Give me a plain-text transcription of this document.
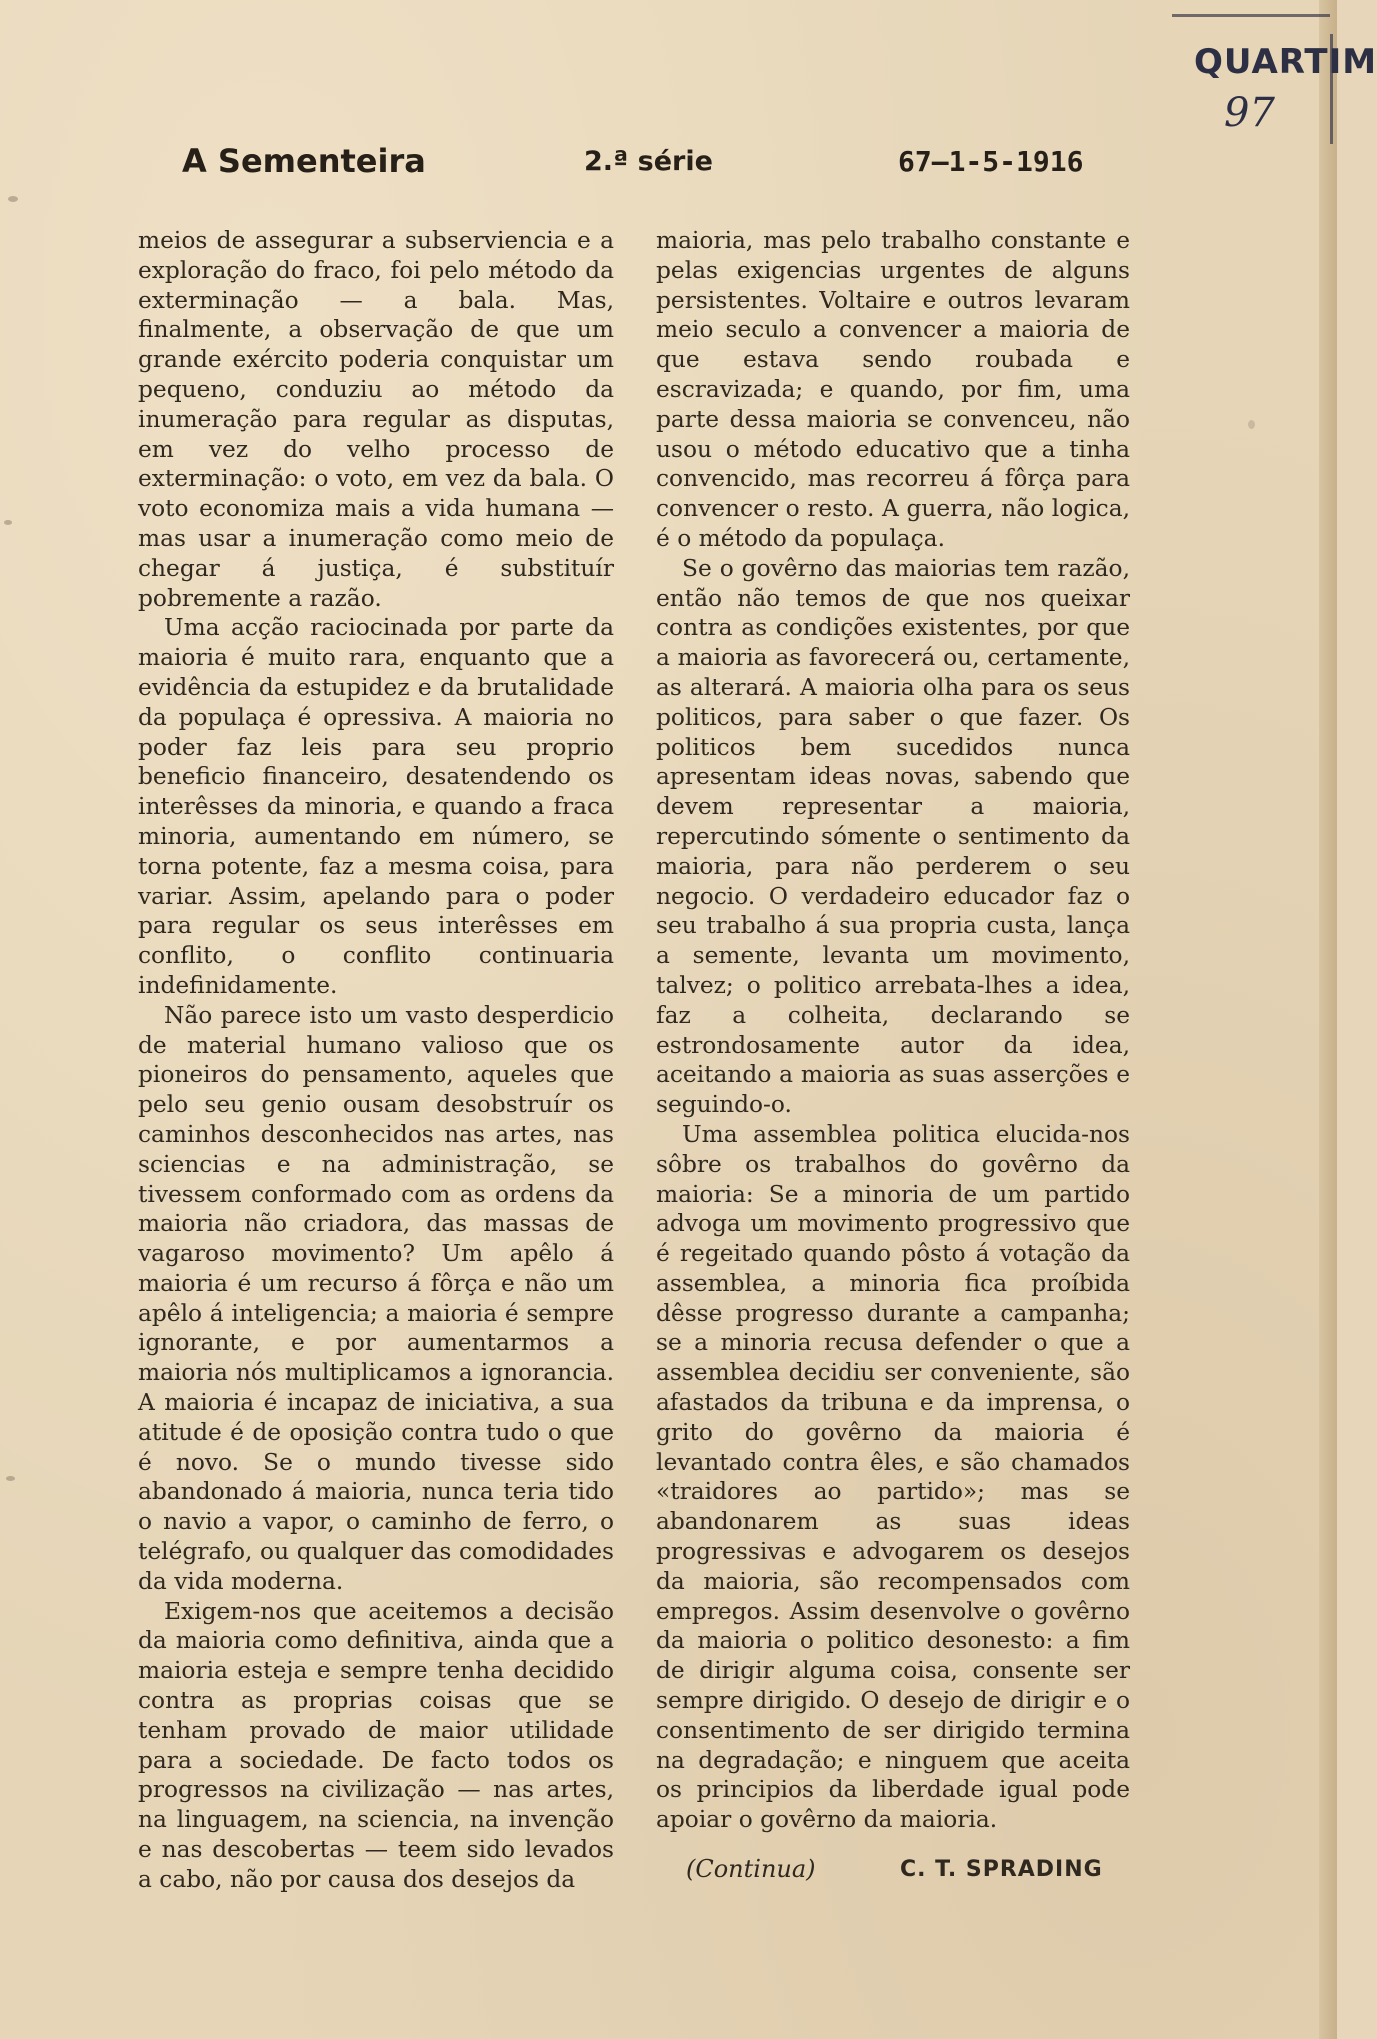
QUARTIM
97
A Sementeira	2.ª série	67—1-5-1916

meios de assegurar a subserviencia e a exploração do fraco, foi pelo método da exterminação — a bala. Mas, finalmente, a observação de que um grande exército poderia conquistar um pequeno, conduziu ao método da inumeração para regular as disputas, em vez do velho processo de exterminação: o voto, em vez da bala. O voto economiza mais a vida humana — mas usar a inumeração como meio de chegar á justiça, é substituír pobremente a razão.

Uma acção raciocinada por parte da maioria é muito rara, enquanto que a evidência da estupidez e da brutalidade da populaça é opressiva. A maioria no poder faz leis para seu proprio beneficio financeiro, desatendendo os interêsses da minoria, e quando a fraca minoria, aumentando em número, se torna potente, faz a mesma coisa, para variar. Assim, apelando para o poder para regular os seus interêsses em conflito, o conflito continuaria indefinidamente.

Não parece isto um vasto desperdicio de material humano valioso que os pioneiros do pensamento, aqueles que pelo seu genio ousam desobstruír os caminhos desconhecidos nas artes, nas sciencias e na administração, se tivessem conformado com as ordens da maioria não criadora, das massas de vagaroso movimento? Um apêlo á maioria é um recurso á fôrça e não um apêlo á inteligencia; a maioria é sempre ignorante, e por aumentarmos a maioria nós multiplicamos a ignorancia. A maioria é incapaz de iniciativa, a sua atitude é de oposição contra tudo o que é novo. Se o mundo tivesse sido abandonado á maioria, nunca teria tido o navio a vapor, o caminho de ferro, o telégrafo, ou qualquer das comodidades da vida moderna.

Exigem-nos que aceitemos a decisão da maioria como definitiva, ainda que a maioria esteja e sempre tenha decidido contra as proprias coisas que se tenham provado de maior utilidade para a sociedade. De facto todos os progressos na civilização — nas artes, na linguagem, na sciencia, na invenção e nas descobertas — teem sido levados a cabo, não por causa dos desejos da

maioria, mas pelo trabalho constante e pelas exigencias urgentes de alguns persistentes. Voltaire e outros levaram meio seculo a convencer a maioria de que estava sendo roubada e escravizada; e quando, por fim, uma parte dessa maioria se convenceu, não usou o método educativo que a tinha convencido, mas recorreu á fôrça para convencer o resto. A guerra, não logica, é o método da populaça.

Se o govêrno das maiorias tem razão, então não temos de que nos queixar contra as condições existentes, por que a maioria as favorecerá ou, certamente, as alterará. A maioria olha para os seus politicos, para saber o que fazer. Os politicos bem sucedidos nunca apresentam ideas novas, sabendo que devem representar a maioria, repercutindo sómente o sentimento da maioria, para não perderem o seu negocio. O verdadeiro educador faz o seu trabalho á sua propria custa, lança a semente, levanta um movimento, talvez; o politico arrebata-lhes a idea, faz a colheita, declarando se estrondosamente autor da idea, aceitando a maioria as suas asserções e seguindo-o.

Uma assemblea politica elucida-nos sôbre os trabalhos do govêrno da maioria: Se a minoria de um partido advoga um movimento progressivo que é regeitado quando pôsto á votação da assemblea, a minoria fica proíbida dêsse progresso durante a campanha; se a minoria recusa defender o que a assemblea decidiu ser conveniente, são afastados da tribuna e da imprensa, o grito do govêrno da maioria é levantado contra êles, e são chamados «traidores ao partido»; mas se abandonarem as suas ideas progressivas e advogarem os desejos da maioria, são recompensados com empregos. Assim desenvolve o govêrno da maioria o politico desonesto: a fim de dirigir alguma coisa, consente ser sempre dirigido. O desejo de dirigir e o consentimento de ser dirigido termina na degradação; e ninguem que aceita os principios da liberdade igual pode apoiar o govêrno da maioria.

(Continua)	C. T. SPRADING
